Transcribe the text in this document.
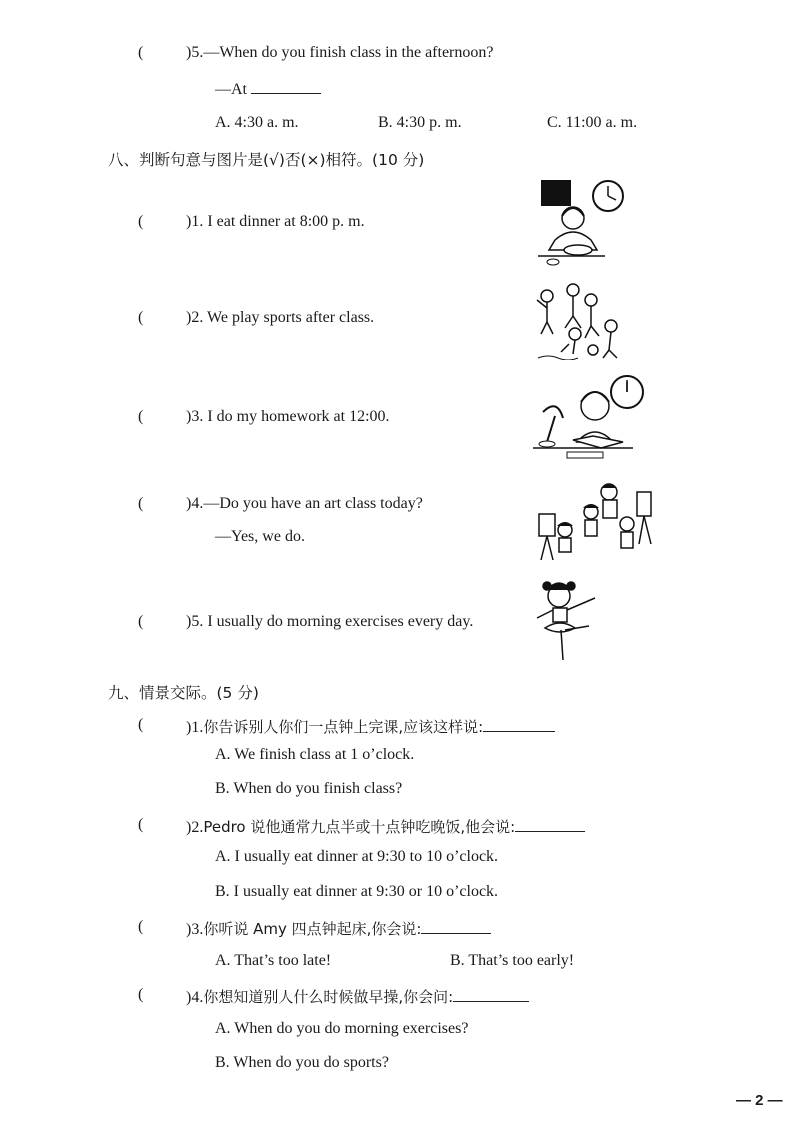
(	)5.—When do you finish class in the afternoon?
—At
A. 4:30 a. m.	B. 4:30 p. m.	C. 11:00 a. m.
八、判断句意与图片是(√)否(×)相符。(10 分)
(	)1. I eat dinner at 8:00 p. m.
(	)2. We play sports after class.
(	)3. I do my homework at 12:00.
(	)4.—Do you have an art class today?
—Yes, we do.
(	)5. I usually do morning exercises every day.
九、情景交际。(5 分)
(	)1.你告诉别人你们一点钟上完课,应该这样说:
A. We finish class at 1 o’clock.
B. When do you finish class?
(	)2.Pedro 说他通常九点半或十点钟吃晚饭,他会说:
A. I usually eat dinner at 9:30 to 10 o’clock.
B. I usually eat dinner at 9:30 or 10 o’clock.
(	)3.你听说 Amy 四点钟起床,你会说:
A. That’s too late!	B. That’s too early!
(	)4.你想知道别人什么时候做早操,你会问:
A. When do you do morning exercises?
B. When do you do sports?
— 2 —
